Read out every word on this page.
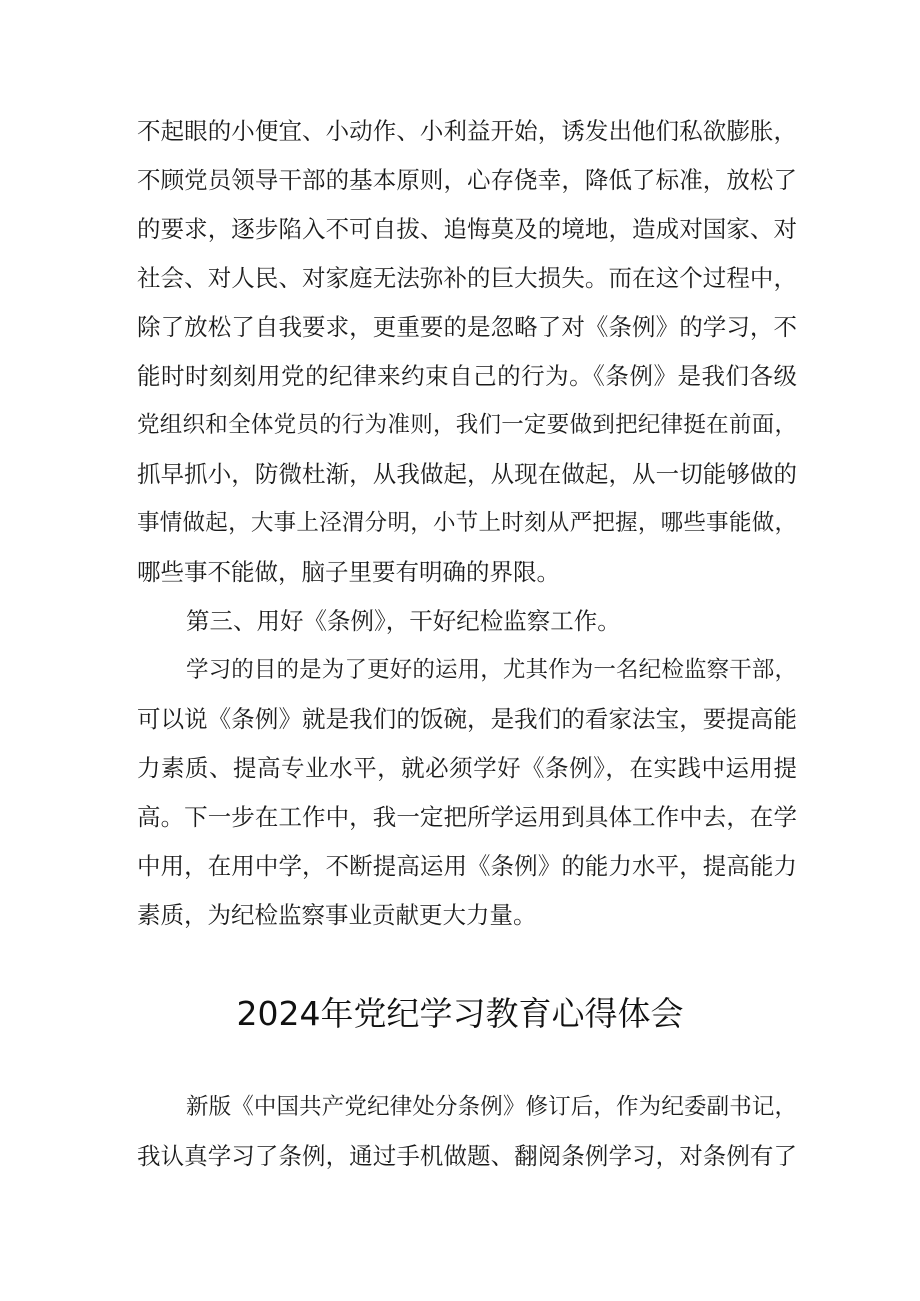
不起眼的小便宜、小动作、小利益开始，诱发出他们私欲膨胀，
不顾党员领导干部的基本原则，心存侥幸，降低了标准，放松了
的要求，逐步陷入不可自拔、追悔莫及的境地，造成对国家、对
社会、对人民、对家庭无法弥补的巨大损失。而在这个过程中，
除了放松了自我要求，更重要的是忽略了对《条例》的学习，不
能时时刻刻用党的纪律来约束自己的行为。《条例》是我们各级
党组织和全体党员的行为准则，我们一定要做到把纪律挺在前面，
抓早抓小，防微杜渐，从我做起，从现在做起，从一切能够做的
事情做起，大事上泾渭分明，小节上时刻从严把握，哪些事能做，
哪些事不能做，脑子里要有明确的界限。
第三、用好《条例》，干好纪检监察工作。
学习的目的是为了更好的运用，尤其作为一名纪检监察干部，
可以说《条例》就是我们的饭碗，是我们的看家法宝，要提高能
力素质、提高专业水平，就必须学好《条例》，在实践中运用提
高。下一步在工作中，我一定把所学运用到具体工作中去，在学
中用，在用中学，不断提高运用《条例》的能力水平，提高能力
素质，为纪检监察事业贡献更大力量。
2024年党纪学习教育心得体会
新版《中国共产党纪律处分条例》修订后，作为纪委副书记，
我认真学习了条例，通过手机做题、翻阅条例学习，对条例有了
